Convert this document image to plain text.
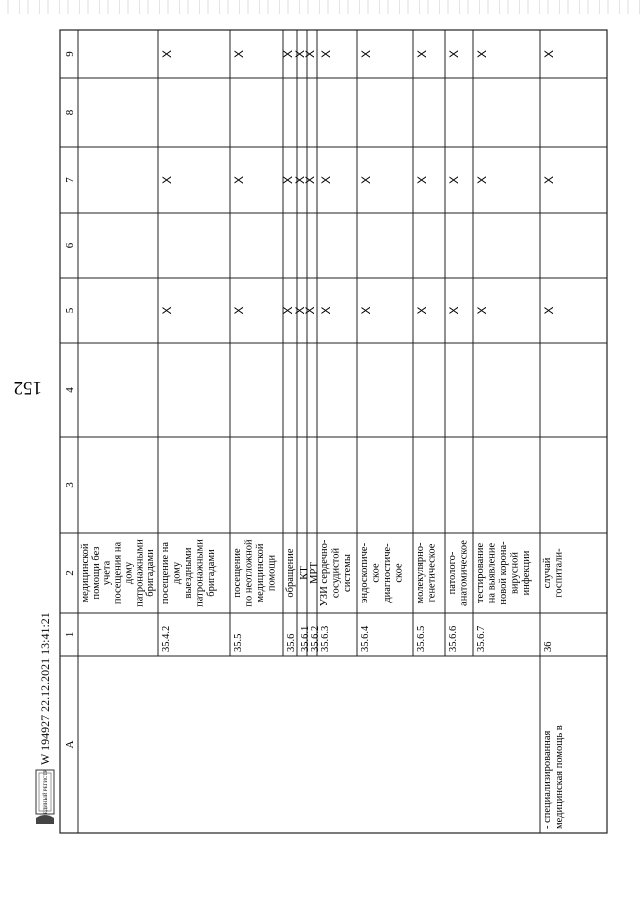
152
А
1
2
3
4
5
6
7
8
9
медицинской помощи без учета посещения на дому патронажными бригадами
35.4.2
посещение на дому выездными патронажными бригадами
X
X
X
35.5
посещение по неотложной медицинской помощи
X
X
X
35.6
обращение
X
X
X
35.6.1
КТ
X
X
X
35.6.2
МРТ
X
X
X
35.6.3
УЗИ сердечно- сосудистой системы
X
X
X
35.6.4
эндоскопиче- ское диагностиче- ское
X
X
X
35.6.5
молекулярно- генетическое
X
X
X
35.6.6
патолого- анатомическое
X
X
X
35.6.7
тестирование на выявление новой корона- вирусной инфекции
X
X
X
36
случай госпитали-
- специализированная медицинская помощь в
X
X
X
ЕДИНЫЙ РЕГИСТР
W 194927 22.12.2021 13:41:21
